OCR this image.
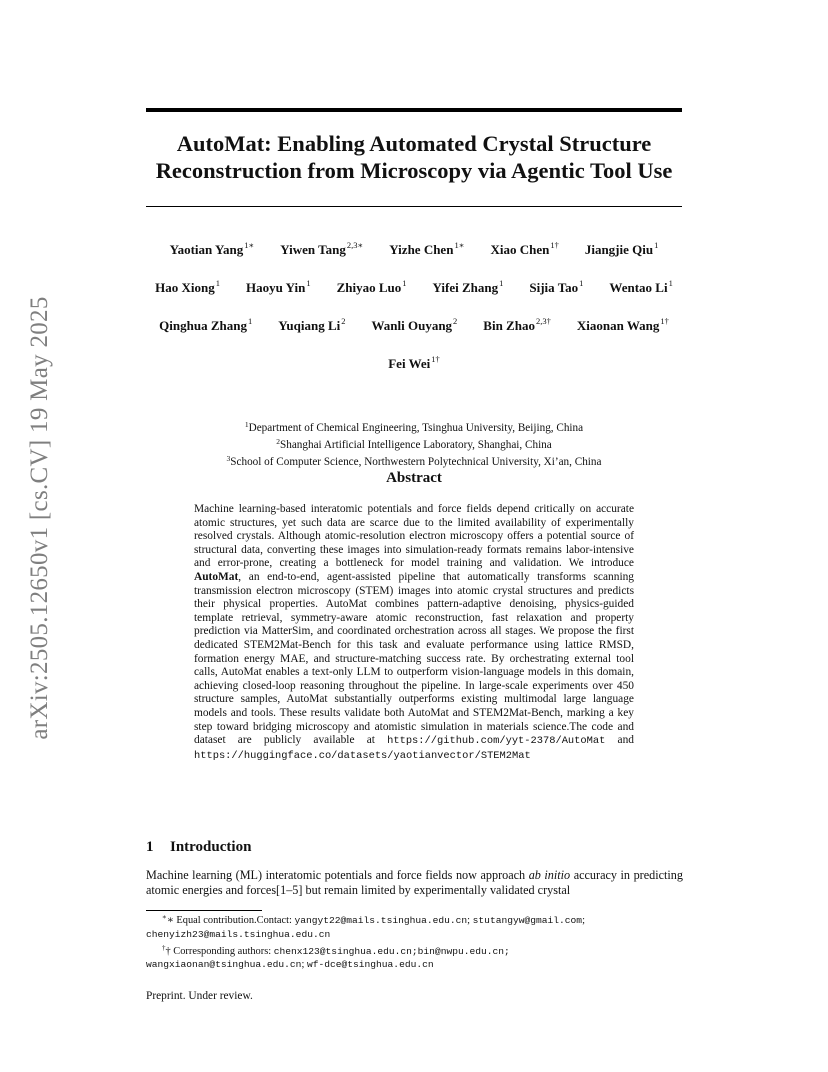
arXiv:2505.12650v1 [cs.CV] 19 May 2025
AutoMat: Enabling Automated Crystal Structure
Reconstruction from Microscopy via Agentic Tool Use
Yaotian Yang$^{1∗}$ Yiwen Tang$^{2,3∗}$ Yizhe Chen$^{1∗}$ Xiao Chen$^{1\dagger}$ Jiangjie Qiu$^1$
Hao Xiong$^1$ Haoyu Yin$^1$ Zhiyao Luo$^1$ Yifei Zhang$^1$ Sijia Tao$^1$ Wentao Li$^1$
Qinghua Zhang$^1$ Yuqiang Li$^2$ Wanli Ouyang$^2$ Bin Zhao$^{2,3\dagger}$ Xiaonan Wang$^{1\dagger}$
Fei Wei$^{1\dagger}$
$^1$Department of Chemical Engineering, Tsinghua University, Beijing, China
$^2$Shanghai Artificial Intelligence Laboratory, Shanghai, China
$^3$School of Computer Science, Northwestern Polytechnical University, Xi’an, China
Abstract

Machine learning-based interatomic potentials and force fields depend critically on accurate atomic structures, yet such data are scarce due to the limited availability of experimentally resolved crystals. Although atomic-resolution electron microscopy offers a potential source of structural data, converting these images into simulation-ready formats remains labor-intensive and error-prone, creating a bottleneck for model training and validation. We introduce AutoMat, an end-to-end, agent-assisted pipeline that automatically transforms scanning transmission electron microscopy (STEM) images into atomic crystal structures and predicts their physical properties. AutoMat combines pattern-adaptive denoising, physics-guided template retrieval, symmetry-aware atomic reconstruction, fast relaxation and property prediction via MatterSim, and coordinated orchestration across all stages. We propose the first dedicated STEM2Mat-Bench for this task and evaluate performance using lattice RMSD, formation energy MAE, and structure-matching success rate. By orchestrating external tool calls, AutoMat enables a text-only LLM to outperform vision-language models in this domain, achieving closed-loop reasoning throughout the pipeline. In large-scale experiments over 450 structure samples, AutoMat substantially outperforms existing multimodal large language models and tools. These results validate both AutoMat and STEM2Mat-Bench, marking a key step toward bridging microscopy and atomistic simulation in materials science.The code and dataset are publicly available at https://github.com/yyt-2378/AutoMat and https://huggingface.co/datasets/yaotianvector/STEM2Mat

1 Introduction

Machine learning (ML) interatomic potentials and force fields now approach ab initio accuracy in predicting atomic energies and forces[1–5] but remain limited by experimentally validated crystal

∗∗ Equal contribution.Contact: yangyt22@mails.tsinghua.edu.cn; stutangyw@gmail.com;

chenyizh23@mails.tsinghua.edu.cn

†† Corresponding authors: chenx123@tsinghua.edu.cn;bin@nwpu.edu.cn;

wangxiaonan@tsinghua.edu.cn; wf-dce@tsinghua.edu.cn

Preprint. Under review.
